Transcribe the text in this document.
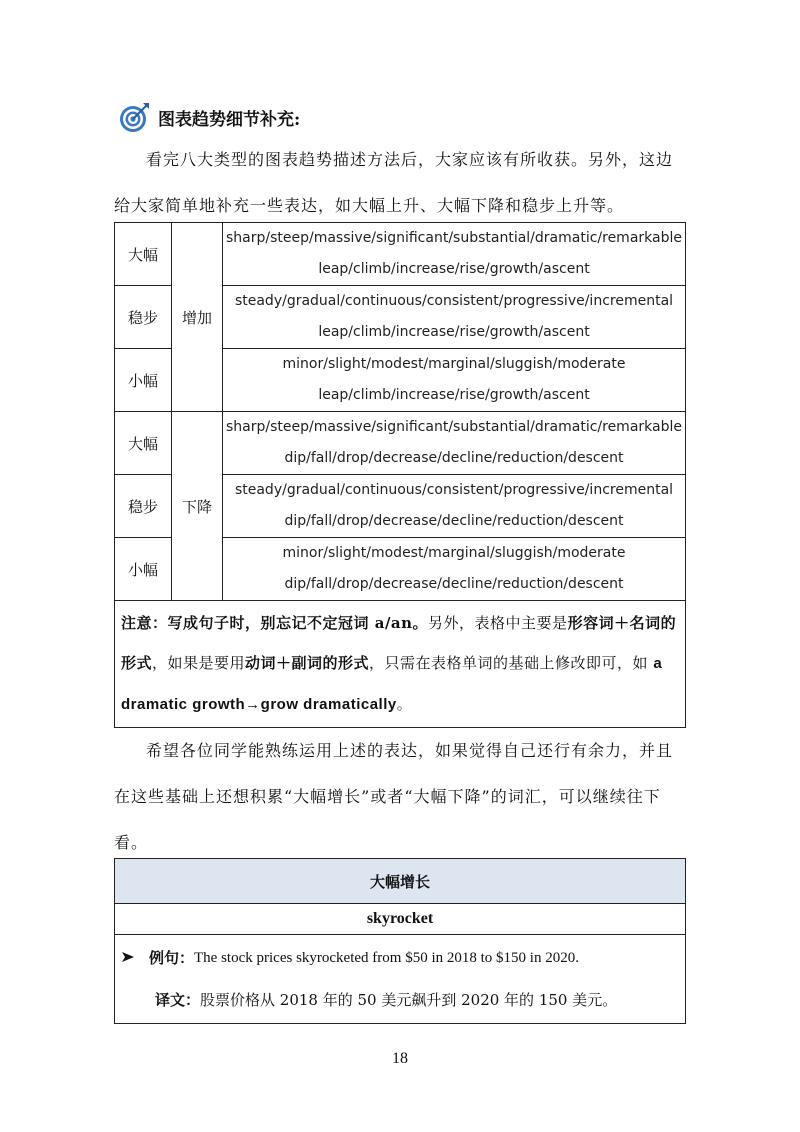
图表趋势细节补充:
看完八大类型的图表趋势描述方法后，大家应该有所收获。另外，这边给大家简单地补充一些表达，如大幅上升、大幅下降和稳步上升等。
大幅	增加	sharp/steep/massive/significant/substantial/dramatic/remarkable
leap/climb/increase/rise/growth/ascent

稳步		steady/gradual/continuous/consistent/progressive/incremental
leap/climb/increase/rise/growth/ascent

小幅		minor/slight/modest/marginal/sluggish/moderate
leap/climb/increase/rise/growth/ascent

大幅	下降	sharp/steep/massive/significant/substantial/dramatic/remarkable
dip/fall/drop/decrease/decline/reduction/descent

稳步		steady/gradual/continuous/consistent/progressive/incremental
dip/fall/drop/decrease/decline/reduction/descent

小幅		minor/slight/modest/marginal/sluggish/moderate
dip/fall/drop/decrease/decline/reduction/descent

注意：写成句子时，别忘记不定冠词 a/an。另外，表格中主要是形容词＋名词的形式，如果是要用动词＋副词的形式，只需在表格单词的基础上修改即可，如 a dramatic growth→grow dramatically。		
希望各位同学能熟练运用上述的表达，如果觉得自己还行有余力，并且在这些基础上还想积累“大幅增长”或者“大幅下降”的词汇，可以继续往下看。
大幅增长
skyrocket

例句： The stock prices skyrocketed from $50 in 2018 to $150 in 2020.
译文：股票价格从 2018 年的 50 美元飙升到 2020 年的 150 美元。
18
